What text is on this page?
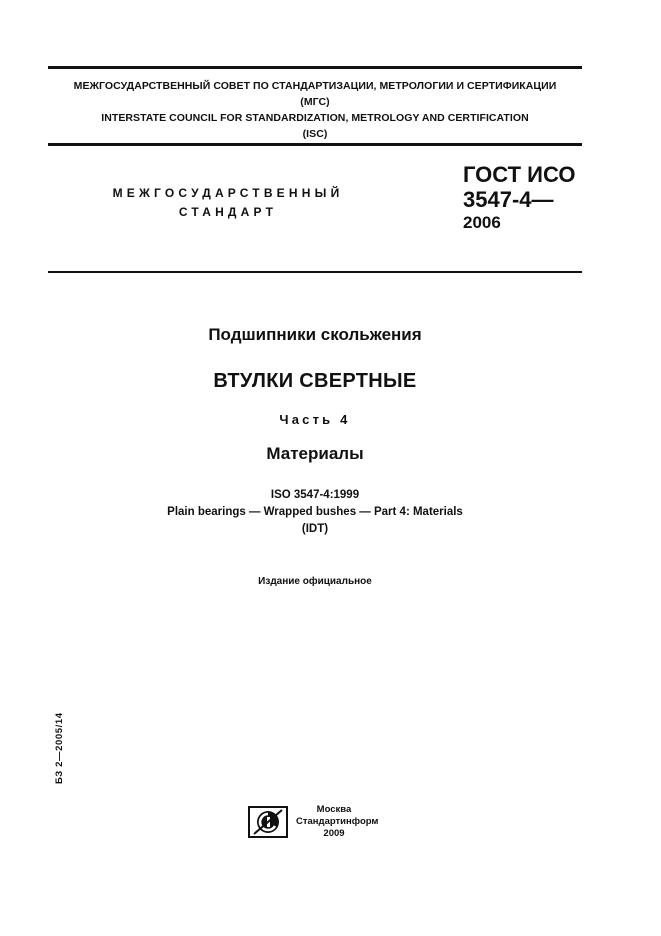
МЕЖГОСУДАРСТВЕННЫЙ СОВЕТ ПО СТАНДАРТИЗАЦИИ, МЕТРОЛОГИИ И СЕРТИФИКАЦИИ
(МГС)
INTERSTATE COUNCIL FOR STANDARDIZATION, METROLOGY AND CERTIFICATION
(ISC)
МЕЖГОСУДАРСТВЕННЫЙ
СТАНДАРТ
ГОСТ ИСО
3547-4—
2006
Подшипники скольжения
ВТУЛКИ СВЕРТНЫЕ
Часть 4
Материалы
ISO 3547-4:1999
Plain bearings — Wrapped bushes — Part 4: Materials
(IDT)
Издание официальное
БЗ 2—2005/14
Москва
Стандартинформ
2009
